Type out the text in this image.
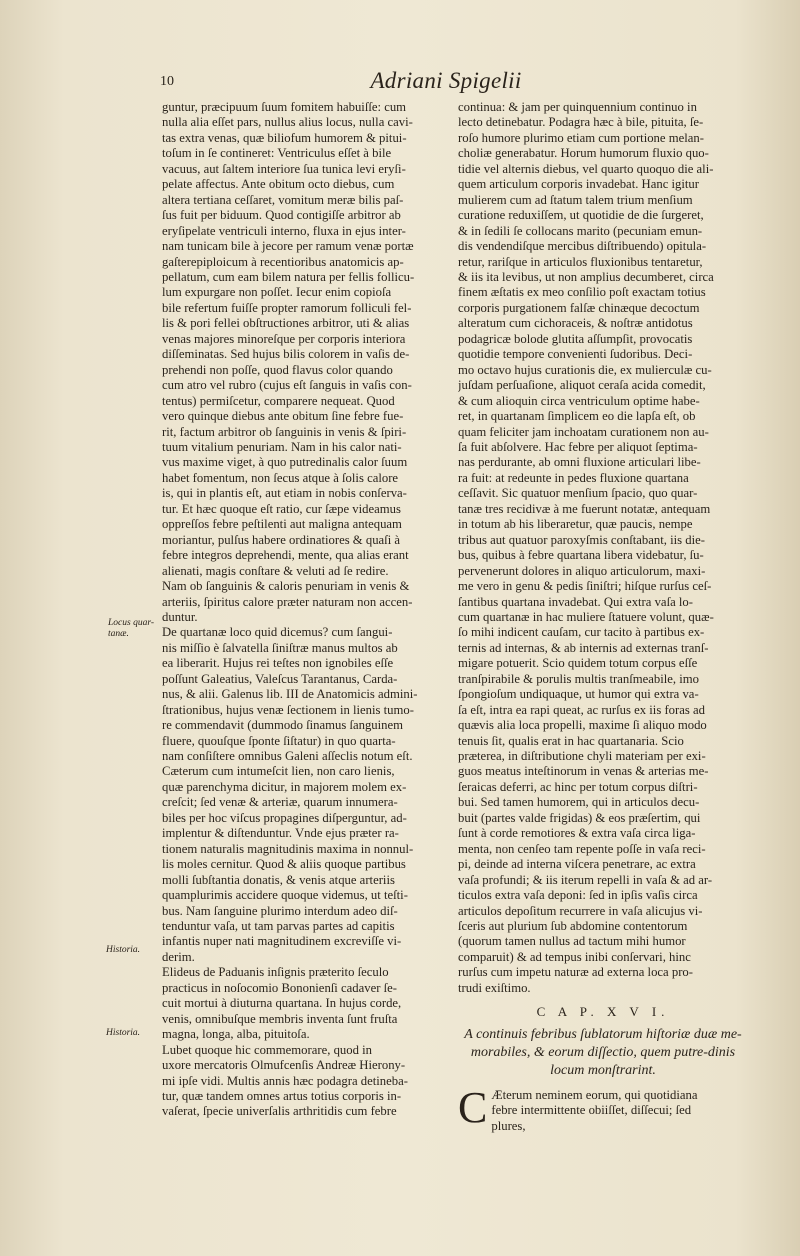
10	Adriani Spigelii
guntur, præcipuum ſuum fomitem habuiſſe: cum
nulla alia eſſet pars, nullus alius locus, nulla cavi-
tas extra venas, quæ biliofum humorem & pitui-
toſum in ſe contineret: Ventriculus eſſet à bile
vacuus, aut ſaltem interiore ſua tunica levi eryſi-
pelate affectus. Ante obitum octo diebus, cum
altera tertiana ceſſaret, vomitum meræ bilis paſ-
ſus fuit per biduum. Quod contigiſſe arbitror ab
eryſipelate ventriculi interno, fluxa in ejus inter-
nam tunicam bile à jecore per ramum venæ portæ
gaſterepiploicum à recentioribus anatomicis ap-
pellatum, cum eam bilem natura per fellis follicu-
lum expurgare non poſſet. Iecur enim copioſa
bile refertum fuiſſe propter ramorum folliculi fel-
lis & pori fellei obſtructiones arbitror, uti & alias
venas majores minoreſque per corporis interiora
diſſeminatas. Sed hujus bilis colorem in vaſis de-
prehendi non poſſe, quod flavus color quando
cum atro vel rubro (cujus eſt ſanguis in vaſis con-
tentus) permiſcetur, comparere nequeat. Quod
vero quinque diebus ante obitum ſine febre fue-
rit, factum arbitror ob ſanguinis in venis & ſpiri-
tuum vitalium penuriam. Nam in his calor nati-
vus maxime viget, à quo putredinalis calor ſuum
habet fomentum, non ſecus atque à ſolis calore
is, qui in plantis eſt, aut etiam in nobis conſerva-
tur. Et hæc quoque eſt ratio, cur ſæpe videamus
oppreſſos febre peſtilenti aut maligna antequam
moriantur, pulſus habere ordinatiores & quaſi à
febre integros deprehendi, mente, qua alias erant
alienati, magis conſtare & veluti ad ſe redire.
Nam ob ſanguinis & caloris penuriam in venis &
arteriis, ſpiritus calore præter naturam non accen-
duntur.
De quartanæ loco quid dicemus? cum ſangui-
nis miſſio è ſalvatella ſiniſtræ manus multos ab
ea liberarit. Hujus rei teſtes non ignobiles eſſe
poſſunt Galeatius, Valeſcus Tarantanus, Carda-
nus, & alii. Galenus lib. III de Anatomicis admini-
ſtrationibus, hujus venæ ſectionem in lienis tumo-
re commendavit (dummodo ſinamus ſanguinem
fluere, quouſque ſponte ſiſtatur) in quo quarta-
nam conſiſtere omnibus Galeni aſſeclis notum eſt.
Cæterum cum intumeſcit lien, non caro lienis,
quæ parenchyma dicitur, in majorem molem ex-
creſcit; ſed venæ & arteriæ, quarum innumera-
biles per hoc viſcus propagines diſperguntur, ad-
implentur & diſtenduntur. Vnde ejus præter ra-
tionem naturalis magnitudinis maxima in nonnul-
lis moles cernitur. Quod & aliis quoque partibus
molli ſubſtantia donatis, & venis atque arteriis
quamplurimis accidere quoque videmus, ut teſti-
bus. Nam ſanguine plurimo interdum adeo diſ-
tenduntur vaſa, ut tam parvas partes ad capitis
infantis nuper nati magnitudinem excreviſſe vi-
derim.
Elideus de Paduanis inſignis præterito ſeculo
practicus in noſocomio Bononienſi cadaver ſe-
cuit mortui à diuturna quartana. In hujus corde,
venis, omnibuſque membris inventa ſunt fruſta
magna, longa, alba, pituitoſa.
Lubet quoque hic commemorare, quod in
uxore mercatoris Olmufcenſis Andreæ Hierony-
mi ipſe vidi. Multis annis hæc podagra detineba-
tur, quæ tandem omnes artus totius corporis in-
vaſerat, ſpecie univerſalis arthritidis cum febre
Locus quar-tanæ.
Historia.
Historia.
continua: & jam per quinquennium continuo in
lecto detinebatur. Podagra hæc à bile, pituita, ſe-
roſo humore plurimo etiam cum portione melan-
choliæ generabatur. Horum humorum fluxio quo-
tidie vel alternis diebus, vel quarto quoquo die ali-
quem articulum corporis invadebat. Hanc igitur
mulierem cum ad ſtatum talem trium menſium
curatione reduxiſſem, ut quotidie de die ſurgeret,
& in ſedili ſe collocans marito (pecuniam emun-
dis vendendiſque mercibus diſtribuendo) opitula-
retur, rariſque in articulos fluxionibus tentaretur,
& iis ita levibus, ut non amplius decumberet, circa
finem æſtatis ex meo conſilio poſt exactam totius
corporis purgationem falſæ chinæque decoctum
alteratum cum cichoraceis, & noſtræ antidotus
podagricæ bolode glutita aſſumpſit, provocatis
quotidie tempore convenienti ſudoribus. Deci-
mo octavo hujus curationis die, ex mulierculæ cu-
juſdam perſuaſione, aliquot ceraſa acida comedit,
& cum alioquin circa ventriculum optime habe-
ret, in quartanam ſimplicem eo die lapſa eſt, ob
quam feliciter jam inchoatam curationem non au-
ſa fuit abſolvere. Hac febre per aliquot ſeptima-
nas perdurante, ab omni fluxione articulari libe-
ra fuit: at redeunte in pedes fluxione quartana
ceſſavit. Sic quatuor menſium ſpacio, quo quar-
tanæ tres recidivæ à me fuerunt notatæ, antequam
in totum ab his liberaretur, quæ paucis, nempe
tribus aut quatuor paroxyſmis conſtabant, iis die-
bus, quibus à febre quartana libera videbatur, ſu-
pervenerunt dolores in aliquo articulorum, maxi-
me vero in genu & pedis ſiniſtri; hiſque rurſus ceſ-
ſantibus quartana invadebat. Qui extra vaſa lo-
cum quartanæ in hac muliere ſtatuere volunt, quæ-
ſo mihi indicent cauſam, cur tacito à partibus ex-
ternis ad internas, & ab internis ad externas tranſ-
migare potuerit. Scio quidem totum corpus eſſe
tranſpirabile & porulis multis tranſmeabile, imo
ſpongioſum undiquaque, ut humor qui extra va-
ſa eſt, intra ea rapi queat, ac rurſus ex iis foras ad
quævis alia loca propelli, maxime ſi aliquo modo
tenuis ſit, qualis erat in hac quartanaria. Scio
præterea, in diſtributione chyli materiam per exi-
guos meatus inteſtinorum in venas & arterias me-
ſeraicas deferri, ac hinc per totum corpus diſtri-
bui. Sed tamen humorem, qui in articulos decu-
buit (partes valde frigidas) & eos præſertim, qui
ſunt à corde remotiores & extra vaſa circa liga-
menta, non cenſeo tam repente poſſe in vaſa reci-
pi, deinde ad interna viſcera penetrare, ac extra
vaſa profundi; & iis iterum repelli in vaſa & ad ar-
ticulos extra vaſa deponi: ſed in ipſis vaſis circa
articulos depoſitum recurrere in vaſa alicujus vi-
ſceris aut plurium ſub abdomine contentorum
(quorum tamen nullus ad tactum mihi humor
comparuit) & ad tempus inibi conſervari, hinc
rurſus cum impetu naturæ ad externa loca pro-
trudi exiſtimo.
C A P. X V I.
A continuis febribus ſublatorum hiſtoriæ duæ me-morabiles, & eorum diſſectio, quem putre-dinis locum monſtrarint.
C Æterum neminem eorum, qui quotidiana
febre intermittente obiiſſet, diſſecui; ſed
plures,
